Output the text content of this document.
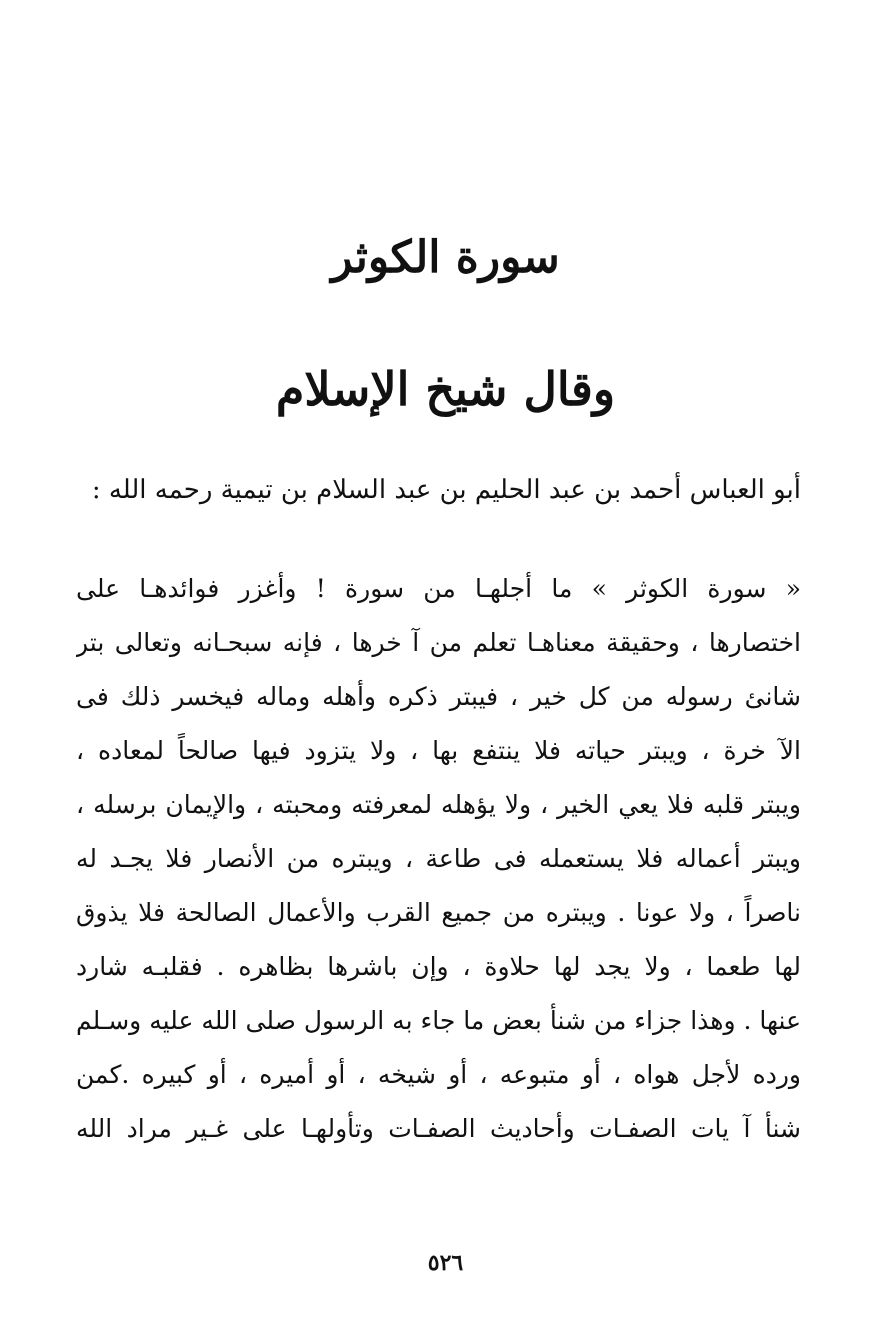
سورة الكوثر
وقال شيخ الإسلام

أبو العباس أحمد بن عبد الحليم بن عبد السلام بن تيمية رحمه الله :

« سورة الكوثر » ما أجلهـا من سورة ! وأغزر فوائدهـا على
اختصارها ، وحقيقة معناهـا تعلم من آ خرها ، فإنه سبحـانه وتعالى بتر
شانئ رسوله من كل خير ، فيبتر ذكره وأهله وماله فيخسر ذلك فى
الآ خرة ، ويبتر حياته فلا ينتفع بها ، ولا يتزود فيها صالحاً لمعاده ،
ويبتر قلبه فلا يعي الخير ، ولا يؤهله لمعرفته ومحبته ، والإيمان برسله ،
ويبتر أعماله فلا يستعمله فى طاعة ، ويبتره من الأنصار فلا يجـد له
ناصراً ، ولا عونا . ويبتره من جميع القرب والأعمال الصالحة فلا يذوق
لها طعما ، ولا يجد لها حلاوة ، وإن باشرها بظاهره . فقلبـه شارد
عنها . وهذا جزاء من شنأ بعض ما جاء به الرسول صلى الله عليه وسـلم
ورده لأجل هواه ، أو متبوعه ، أو شيخه ، أو أميره ، أو كبيره .كمن
شنأ آ يات الصفـات وأحاديث الصفـات وتأولهـا على غـير مراد الله
٥٢٦
